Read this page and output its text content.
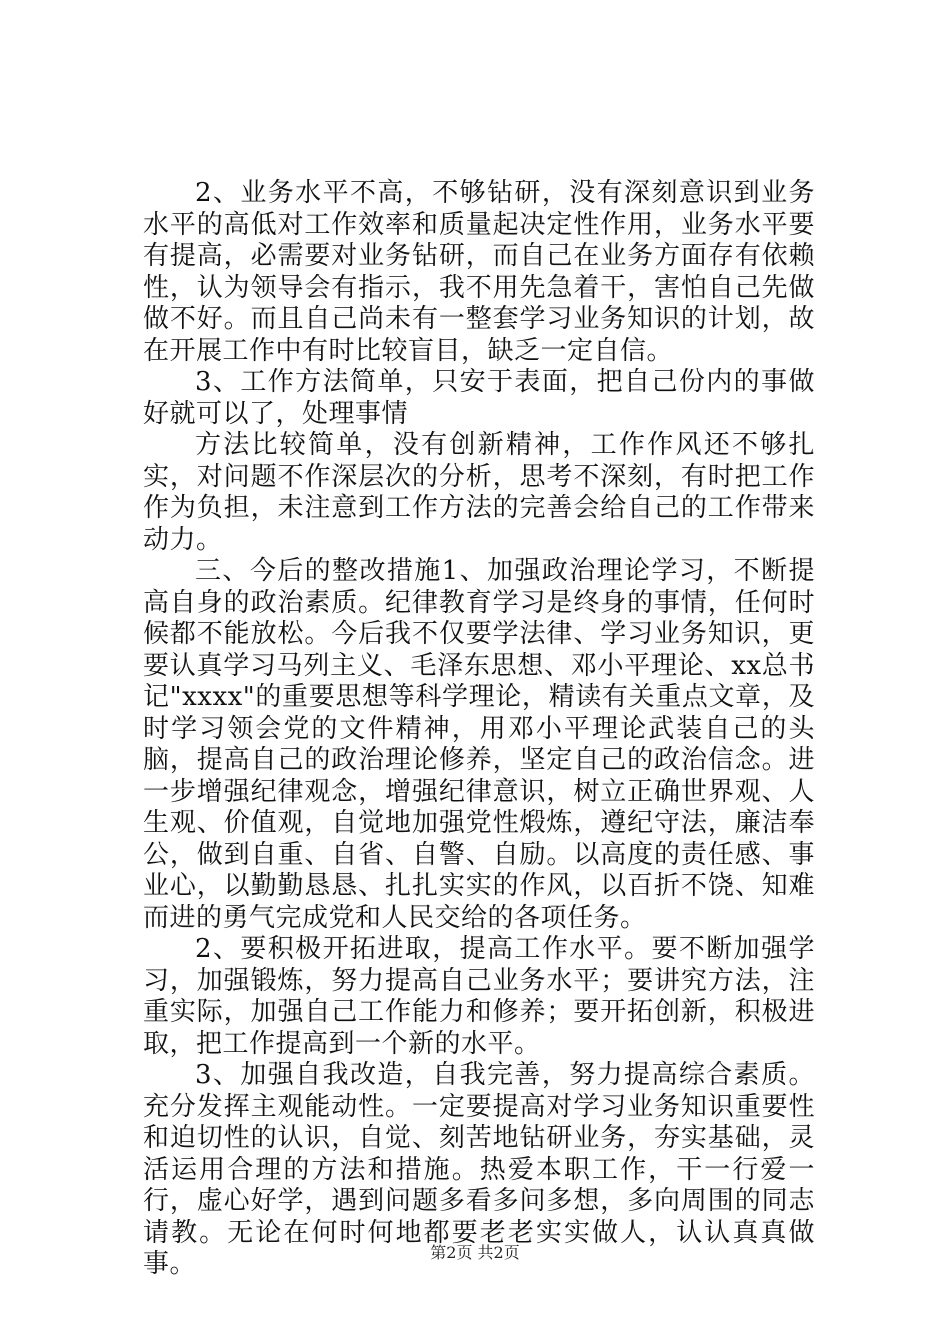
2、业务水平不高，不够钻研，没有深刻意识到业务水平的高低对工作效率和质量起决定性作用，业务水平要有提高，必需要对业务钻研，而自己在业务方面存有依赖性，认为领导会有指示，我不用先急着干，害怕自己先做做不好。而且自己尚未有一整套学习业务知识的计划，故在开展工作中有时比较盲目，缺乏一定自信。

3、工作方法简单，只安于表面，把自己份内的事做好就可以了，处理事情

方法比较简单，没有创新精神，工作作风还不够扎实，对问题不作深层次的分析，思考不深刻，有时把工作作为负担，未注意到工作方法的完善会给自己的工作带来动力。

三、今后的整改措施1、加强政治理论学习，不断提高自身的政治素质。纪律教育学习是终身的事情，任何时候都不能放松。今后我不仅要学法律、学习业务知识，更要认真学习马列主义、毛泽东思想、邓小平理论、xx总书记"xxxx"的重要思想等科学理论，精读有关重点文章，及时学习领会党的文件精神，用邓小平理论武装自己的头脑，提高自己的政治理论修养，坚定自己的政治信念。进一步增强纪律观念，增强纪律意识，树立正确世界观、人生观、价值观，自觉地加强党性煅炼，遵纪守法，廉洁奉公，做到自重、自省、自警、自励。以高度的责任感、事业心，以勤勤恳恳、扎扎实实的作风，以百折不饶、知难而进的勇气完成党和人民交给的各项任务。

2、要积极开拓进取，提高工作水平。要不断加强学习，加强锻炼，努力提高自己业务水平；要讲究方法，注重实际，加强自己工作能力和修养；要开拓创新，积极进取，把工作提高到一个新的水平。

3、加强自我改造，自我完善，努力提高综合素质。充分发挥主观能动性。一定要提高对学习业务知识重要性和迫切性的认识，自觉、刻苦地钻研业务，夯实基础，灵活运用合理的方法和措施。热爱本职工作，干一行爱一行，虚心好学，遇到问题多看多问多想，多向周围的同志请教。无论在何时何地都要老老实实做人，认认真真做事。	第2页 共2页
